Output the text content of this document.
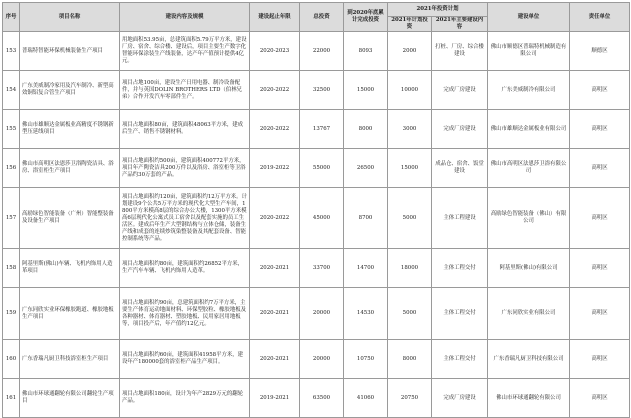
序号	项目名称	建设内容及规模	建设起止年限	总投资	到2020年底累计完成投资	2021年投资计划		建设单位	责任单位
						2021年计划投资	2021年主要建设内容		
153	普瑞特智能环保机械装备生产项目	用地面积53.95亩，总建筑面积5.79万平方米，建设厂房、宿舍、综合楼、建设后，项目主要生产数字化智能环保涂装生产线装备，达产年产值预计提供4亿元。	2020-2023	22000	8093	2000	打桩、厂房、综合楼建设	佛山市顺德区普瑞特机械制造有限公司	顺德区
154	广东美威制冷家用及汽车制冷、新型高效铜铝复合管生产项目	项目占地100亩，建设生产日用电器、制冷设备配件，并与英国DOLIN BROTHERS LTD（伯林兄弟）合作开发汽车零部件生产。	2020-2022	32500	15000	10000	完成厂房建设	广东美威制冷有限公司	高明区
155	佛山市雄顺达金属板业高精度不锈钢新型压延线项目	项目占地面积80亩，建筑面积48063平方米，建成后生产、销售不锈钢材料。	2020-2022	13767	8000	3000	完成厂房建设	佛山市雄顺达金属板业有限公司	高明区
156	佛山市高明区法恩莎卫浴陶瓷洁具、浴房、浴室柜生产项目	项目占地面积约500亩，建筑面积400772平方米，项目年产陶瓷洁具200万件以及浴房、浴室柜等卫浴产品约30万套的产品。	2019-2022	55000	26500	15000	成品仓、宿舍、饭堂建设	佛山市高明区法恩莎卫浴有限公司	高明区
157	高励绿色智能装备（广州）智能整装备及设备生产项目	项目占地面积约120亩，建筑面积约12万平方米。计划建设9个公共5万平方米的现代化大型生产车间，1800平方米模高8层的综合办公大楼，1300平方米模高6层现代化公寓式员工宿舍以及配套实施的员工生活区。建成后年生产大型钢结构与立体仓储，装备生产线和成套的连续炒筑染整装备及其配套设备、智能控制系统等产品。	2020-2022	45000	8700	5000	主体工程建设	高励绿色智能装备（佛山）有限公司	高明区
158	阿基里斯(佛山)车辆、飞机内饰用人造革项目	项目占地面积约80亩，建筑面积约26852平方米，生产汽车车辆、飞机内饰用人造革。	2020-2021	33700	14700	18000	主体工程交付	阿基里斯(佛山)有限公司	高明区
159	广东同欣实业环保橡胶跑道、橡胶地板生产项目	项目占地面积约90亩，总建筑面积约7万平方米，主要生产体育运动地面材料、环保型胶粒、橡胶地板及各种器材、体育器材、塑胶地板、民用家居用地板等，项目投产后，年产值约12亿元。	2020-2021	20000	14530	5000	主体工程交付	广东同欣实业有限公司	高明区
160	广东香瑞凡厨卫科技浴室柜生产项目	项目占地面积约60亩，建筑面积41958平方米，建设年产180000套的浴室柜产品生产项目。	2020-2021	20000	10750	8000	主体工程交付	广东香瑞凡厨卫科技有限公司	高明区
161	佛山市环球通翻轮有限公司翻轮生产项目	项目占地面积180亩，设计为年产2829万元的翻轮产品。	2019-2021	63500	41060	20750	完成厂房建设	佛山市环球通翻轮有限公司	高明区
